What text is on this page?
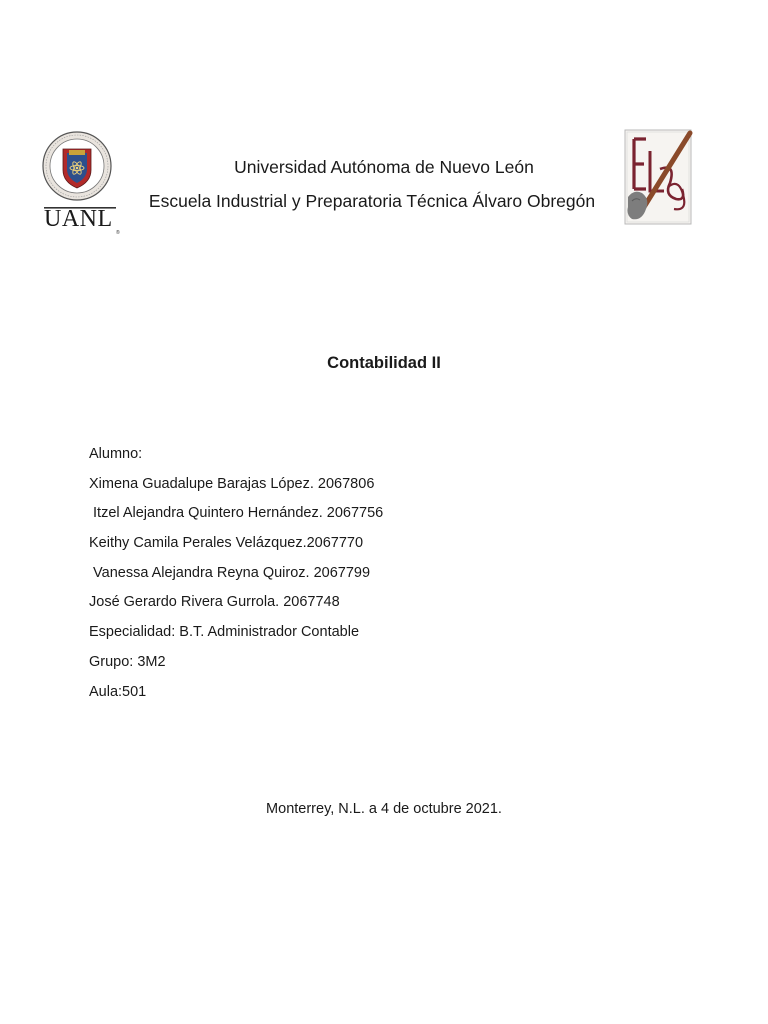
UANL
®
Universidad Autónoma de Nuevo León
Escuela Industrial y Preparatoria Técnica Álvaro Obregón
Contabilidad II
Alumno:
Ximena Guadalupe Barajas López. 2067806
Itzel Alejandra Quintero Hernández. 2067756
Keithy Camila Perales Velázquez.2067770
Vanessa Alejandra Reyna Quiroz. 2067799
José Gerardo Rivera Gurrola. 2067748
Especialidad: B.T. Administrador Contable
Grupo: 3M2
Aula:501
Monterrey, N.L. a 4 de octubre 2021.
